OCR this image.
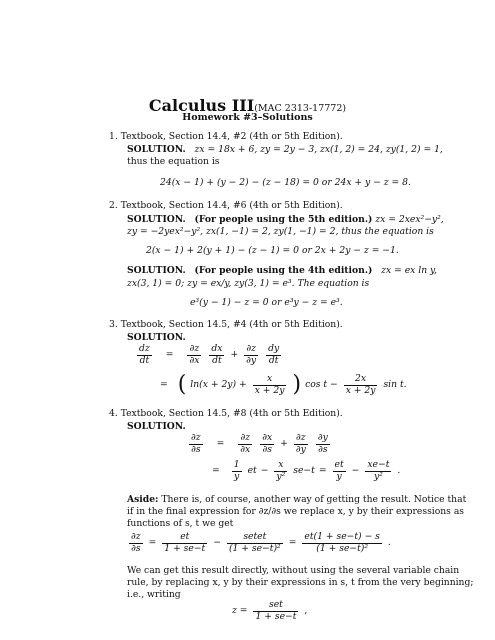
Calculus III(MAC 2313-17772)
Homework #3–Solutions
1. Textbook, Section 14.4, #2 (4th or 5th Edition).
SOLUTION. zx = 18x + 6, zy = 2y − 3, zx(1, 2) = 24, zy(1, 2) = 1,
thus the equation is
24(x − 1) + (y − 2) − (z − 18) = 0 or 24x + y − z = 8.
2. Textbook, Section 14.4, #6 (4th or 5th Edition).
SOLUTION. (For people using the 5th edition.) zx = 2xex²−y²,
zy = −2yex²−y², zx(1, −1) = 2, zy(1, −1) = 2, thus the equation is
2(x − 1) + 2(y + 1) − (z − 1) = 0 or 2x + 2y − z = −1.
SOLUTION. (For people using the 4th edition.) zx = ex ln y,
zx(3, 1) = 0; zy = ex/y, zy(3, 1) = e³. The equation is
e³(y − 1) − z = 0 or e³y − z = e³.
3. Textbook, Section 14.5, #4 (4th or 5th Edition).
SOLUTION.
$\frac{dz}{dt} = \frac{\partial z}{\partial x} \frac{dx}{dt} + \frac{\partial z}{\partial y} \frac{dy}{dt}$
= ( $\ln(x + 2y) + \frac{x}{x + 2y}$ ) $\cos t - \frac{2x}{x + 2y}$ sin t.
4. Textbook, Section 14.5, #8 (4th or 5th Edition).
SOLUTION.
$\frac{\partial z}{\partial s} = \frac{\partial z}{\partial x} \frac{\partial x}{\partial s} + \frac{\partial z}{\partial y} \frac{\partial y}{\partial s}$
= $\frac{1}{y}$ et − $\frac{x}{\text{y²}} se-t = \frac{et}{y} - \frac{xe-t}{\text{y²}}$ .
Aside: There is, of course, another way of getting the result. Notice that
if in the final expression for ∂z/∂s we replace x, y by their expressions as
functions of s, t we get
$\frac{\partial z}{\partial s} = \frac{et}{1 + se-t} - \frac{\text{setet}}{\text{(1 + se−t)²}} = \frac{et(1 + se-t) - s}{\text{(1 + se−t)²}}$ .
We can get this result directly, without using the several variable chain
rule, by replacing x, y by their expressions in s, t from the very beginning;
i.e., writing
$z = \frac{\text{set}}{1 + se-t}$ ,
